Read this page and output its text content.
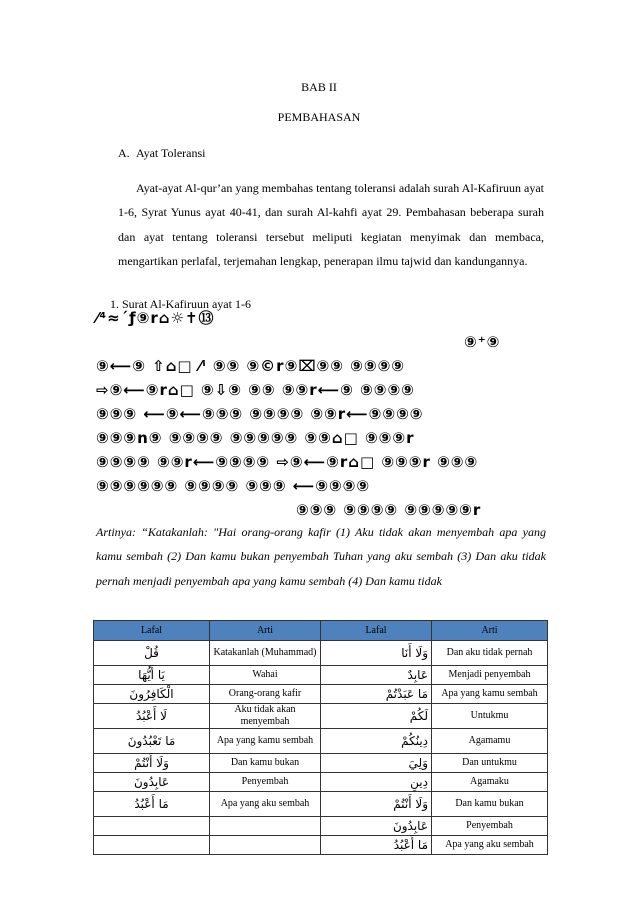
BAB II
PEMBAHASAN
A. Ayat Toleransi
Ayat-ayat Al-qur’an yang membahas tentang toleransi adalah surah Al-Kafiruun ayat 1-6, Syrat Yunus ayat 40-41, dan surah Al-kahfi ayat 29. Pembahasan beberapa surah dan ayat tentang toleransi tersebut meliputi kegiatan menyimak dan membaca, mengartikan perlafal, terjemahan lengkap, penerapan ilmu tajwid dan kandungannya.
1. Surat Al-Kafiruun ayat 1-6
⁄⁴≈´ƒ⑨r⌂☼✝⑬
⑨⁺⑨
⑨⟵⑨ ⇧⌂□ ⁄ⁱ ⑨⑨ ⑨©r⑨⌧⑨⑨ ⑨⑨⑨⑨
⇨⑨⟵⑨r⌂□ ⑨⇩⑨ ⑨⑨ ⑨⑨r⟵⑨ ⑨⑨⑨⑨
⑨⑨⑨ ⟵⑨⟵⑨⑨⑨ ⑨⑨⑨⑨ ⑨⑨r⟵⑨⑨⑨⑨
⑨⑨⑨n⑨ ⑨⑨⑨⑨ ⑨⑨⑨⑨⑨ ⑨⑨⌂□ ⑨⑨⑨r
⑨⑨⑨⑨ ⑨⑨r⟵⑨⑨⑨⑨ ⇨⑨⟵⑨r⌂□ ⑨⑨⑨r ⑨⑨⑨
⑨⑨⑨⑨⑨⑨ ⑨⑨⑨⑨ ⑨⑨⑨ ⟵⑨⑨⑨⑨
⑨⑨⑨ ⑨⑨⑨⑨ ⑨⑨⑨⑨⑨r
Artinya: “Katakanlah: "Hai orang-orang kafir (1) Aku tidak akan menyembah apa yang kamu sembah (2) Dan kamu bukan penyembah Tuhan yang aku sembah (3) Dan aku tidak pernah menjadi penyembah apa yang kamu sembah (4) Dan kamu tidak
Lafal	Arti	Lafal	Arti
قُلْ	Katakanlah (Muhammad)	وَلَا أَنَا	Dan aku tidak pernah
يَا أَيُّهَا	Wahai	عَابِدٌ	Menjadi penyembah
الْكَافِرُونَ	Orang-orang kafir	مَا عَبَدْتُمْ	Apa yang kamu sembah
لَا أَعْبُدُ	Aku tidak akan menyembah	لَكُمْ	Untukmu
مَا تَعْبُدُونَ	Apa yang kamu sembah	دِينُكُمْ	Agamamu
وَلَا أَنْتُمْ	Dan kamu bukan	وَلِيَ	Dan untukmu
عَابِدُونَ	Penyembah	دِينِ	Agamaku
مَا أَعْبُدُ	Apa yang aku sembah	وَلَا أَنْتُمْ	Dan kamu bukan
		عَابِدُونَ	Penyembah
		مَا أَعْبُدُ	Apa yang aku sembah
